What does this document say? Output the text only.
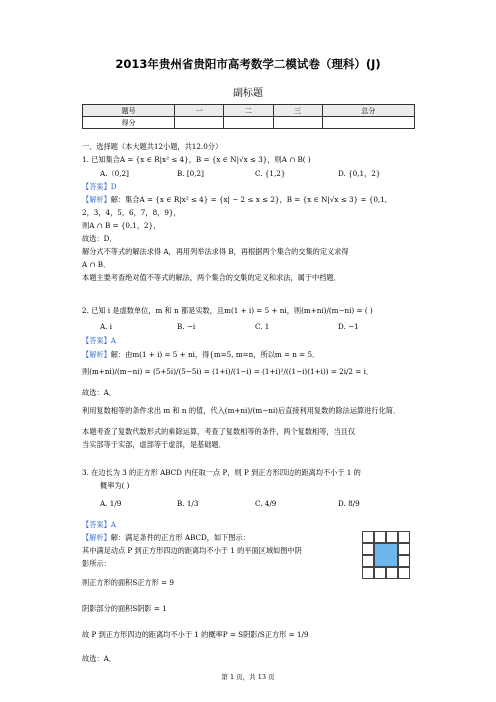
2013年贵州省贵阳市高考数学二模试卷（理科）(J)
副标题
题号	一	二	三	总分
得分				
一、选择题（本大题共12小题，共12.0分）
1. 已知集合A = {x ∈ R|x² ≤ 4}，B = {x ∈ N|√x ≤ 3}，则A ∩ B( )
A.（0,2]	B. [0,2]	C. {1,2}	D. {0,1，2}
【答案】D
【解析】解：集合A = {x ∈ R|x² ≤ 4} = {x| − 2 ≤ x ≤ 2}，B = {x ∈ N|√x ≤ 3} = {0,1,
2，3，4，5，6，7，8，9}，
则A ∩ B = {0,1，2}，
故选：D．
解分式不等式的解法求得 A，再用列举法求得 B，再根据两个集合的交集的定义求得
A ∩ B．
本题主要考查绝对值不等式的解法，两个集合的交集的定义和求法，属于中档题．
2. 已知 i 是虚数单位，m 和 n 都是实数，且m(1 + i) = 5 + ni，则(m+ni)/(m−ni) = ( )
A. i	B. −i	C. 1	D. −1
【答案】A
【解析】解：由m(1 + i) = 5 + ni，得{m=5, m=n，所以m = n = 5．
则(m+ni)/(m−ni) = (5+5i)/(5−5i) = (1+i)/(1−i) = (1+i)²/((1−i)(1+i)) = 2i/2 = i．
故选：A．
利用复数相等的条件求出 m 和 n 的值，代入(m+ni)/(m−ni)后直接利用复数的除法运算进行化简．
本题考查了复数代数形式的乘除运算，考查了复数相等的条件，两个复数相等，当且仅
当实部等于实部，虚部等于虚部，是基础题．
3. 在边长为 3 的正方形 ABCD 内任取一点 P，则 P 到正方形四边的距离均不小于 1 的
概率为( )
A. 1/9	B. 1/3	C. 4/9	D. 8/9
【答案】A
【解析】解：满足条件的正方形 ABCD，如下图示：
其中满足动点 P 到正方形四边的距离均不小于 1 的平面区域如图中阴
影所示：
则正方形的面积S正方形 = 9
阴影部分的面积S阴影 = 1
故 P 到正方形四边的距离均不小于 1 的概率P = S阴影/S正方形 = 1/9
故选：A．
第 1 页，共 13 页
